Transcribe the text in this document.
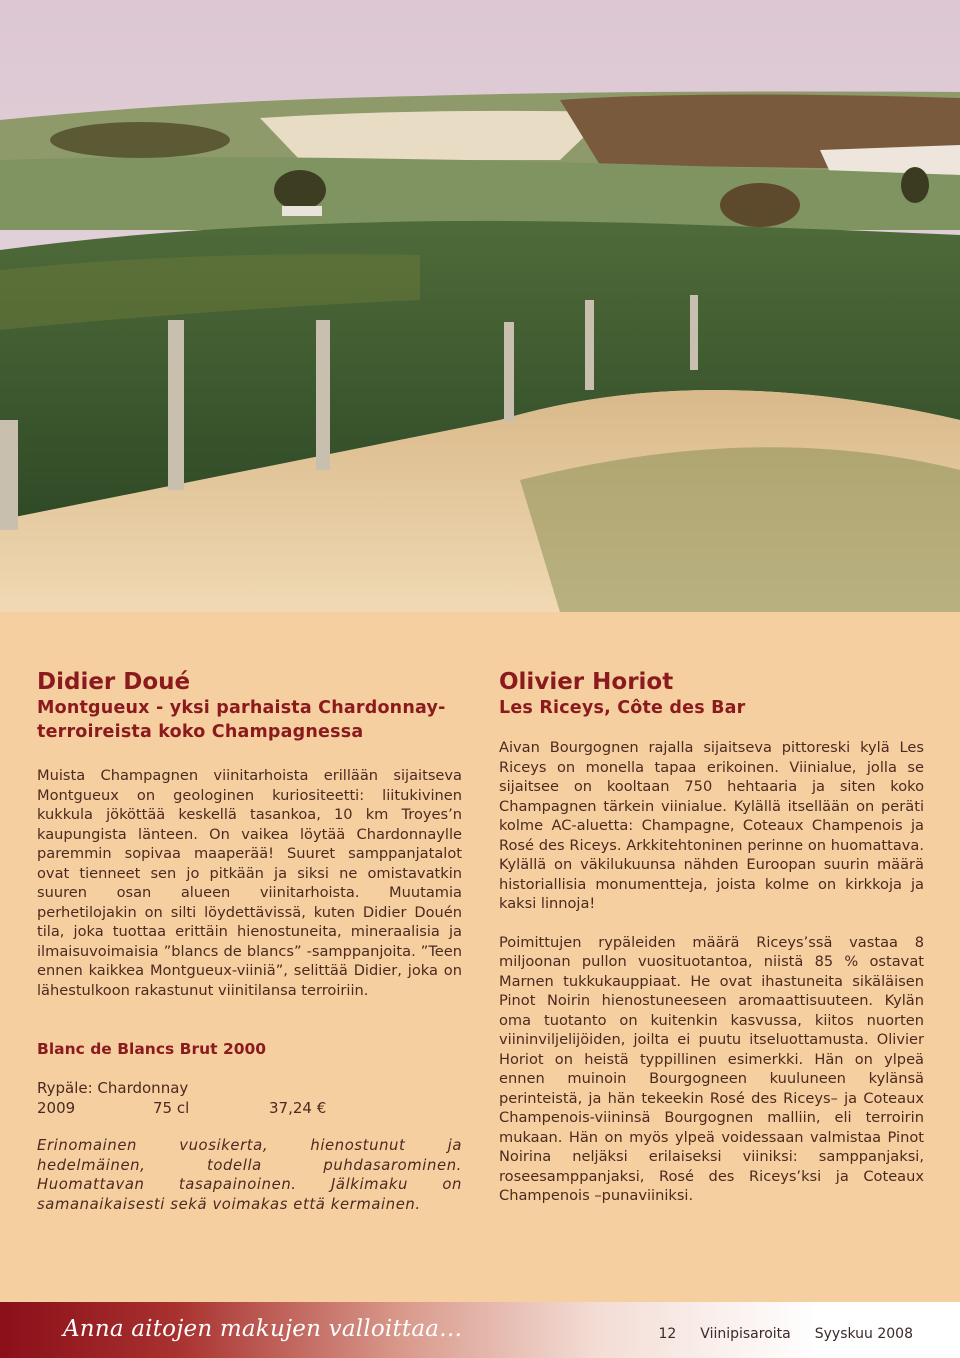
Didier Doué
Montgueux - yksi parhaista Chardonnay-terroireista koko Champagnessa

Muista Champagnen viinitarhoista erillään sijaitseva Montgueux on geologinen kuriositeetti: liitukivinen kukkula jököttää keskellä tasankoa, 10 km Troyes’n kaupungista länteen. On vaikea löytää Chardonnaylle paremmin sopivaa maaperää! Suuret samppanjatalot ovat tienneet sen jo pitkään ja siksi ne omistavatkin suuren osan alueen viinitarhoista. Muutamia perhetilojakin on silti löydettävissä, kuten Didier Douén tila, joka tuottaa erittäin hienostuneita, mineraalisia ja ilmaisuvoimaisia ”blancs de blancs” -samppanjoita. ”Teen ennen kaikkea Montgueux-viiniä”, selittää Didier, joka on lähestulkoon rakastunut viinitilansa terroiriin.

Blanc de Blancs Brut 2000
Rypäle: Chardonnay
2009	75 cl	37,24 €

Erinomainen vuosikerta, hienostunut ja hedelmäinen, todella puhdasarominen. Huomattavan tasapainoinen. Jälkimaku on samanaikaisesti sekä voimakas että kermainen.

Olivier Horiot
Les Riceys, Côte des Bar

Aivan Bourgognen rajalla sijaitseva pittoreski kylä Les Riceys on monella tapaa erikoinen. Viinialue, jolla se sijaitsee on kooltaan 750 hehtaaria ja siten koko Champagnen tärkein viinialue. Kylällä itsellään on peräti kolme AC-aluetta: Champagne, Coteaux Champenois ja Rosé des Riceys. Arkkitehtoninen perinne on huomattava. Kylällä on väkilukuunsa nähden Euroopan suurin määrä historiallisia monumentteja, joista kolme on kirkkoja ja kaksi linnoja!

Poimittujen rypäleiden määrä Riceys’ssä vastaa 8 miljoonan pullon vuosituotantoa, niistä 85 % ostavat Marnen tukkukauppiaat. He ovat ihastuneita sikäläisen Pinot Noirin hienostuneeseen aromaattisuuteen. Kylän oma tuotanto on kuitenkin kasvussa, kiitos nuorten viininviljelijöiden, joilta ei puutu itseluottamusta. Olivier Horiot on heistä typpillinen esimerkki. Hän on ylpeä ennen muinoin Bourgogneen kuuluneen kylänsä perinteistä, ja hän tekeekin Rosé des Riceys– ja Coteaux Champenois-viininsä Bourgognen malliin, eli terroirin mukaan. Hän on myös ylpeä voidessaan valmistaa Pinot Noirina neljäksi erilaiseksi viiniksi: samppanjaksi, roseesamppanjaksi, Rosé des Riceys’ksi ja Coteaux Champenois –punaviiniksi.

Anna aitojen makujen valloittaa…	12 Viinipisaroita Syyskuu 2008
